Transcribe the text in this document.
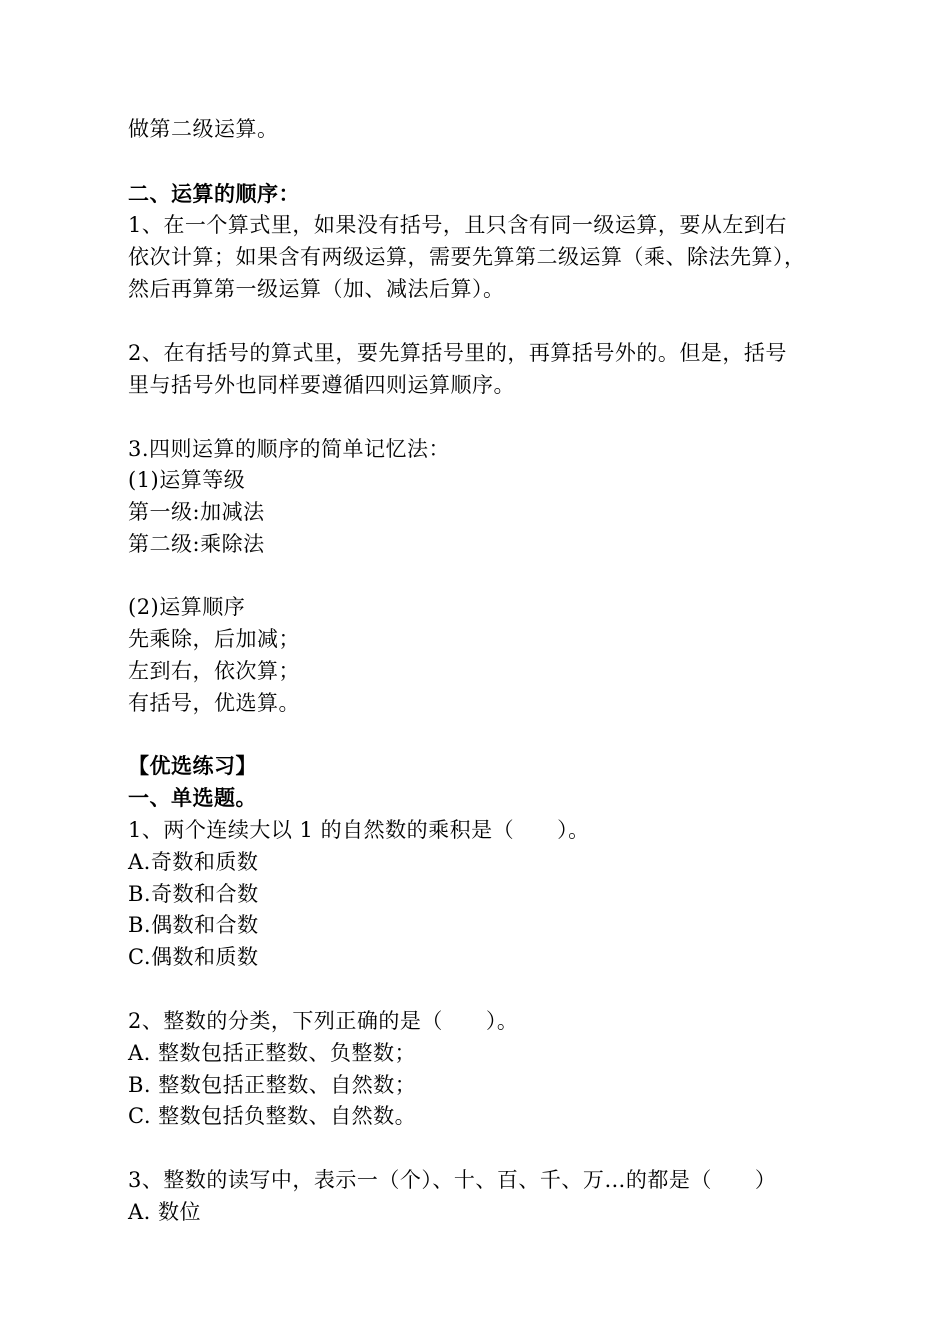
做第二级运算。
二、运算的顺序：
1、在一个算式里，如果没有括号，且只含有同一级运算，要从左到右
依次计算；如果含有两级运算，需要先算第二级运算（乘、除法先算），
然后再算第一级运算（加、减法后算）。
2、在有括号的算式里，要先算括号里的，再算括号外的。但是，括号
里与括号外也同样要遵循四则运算顺序。
3.四则运算的顺序的简单记忆法：
(1)运算等级
第一级:加减法
第二级:乘除法
(2)运算顺序
先乘除，后加减；
左到右，依次算；
有括号，优选算。
【优选练习】
一、单选题。
1、两个连续大以 1 的自然数的乘积是（　　）。
A.奇数和质数
B.奇数和合数
B.偶数和合数
C.偶数和质数
2、整数的分类，下列正确的是（　　）。
A. 整数包括正整数、负整数；
B. 整数包括正整数、自然数；
C. 整数包括负整数、自然数。
3、整数的读写中，表示一（个）、十、百、千、万…的都是（　　）
A. 数位
